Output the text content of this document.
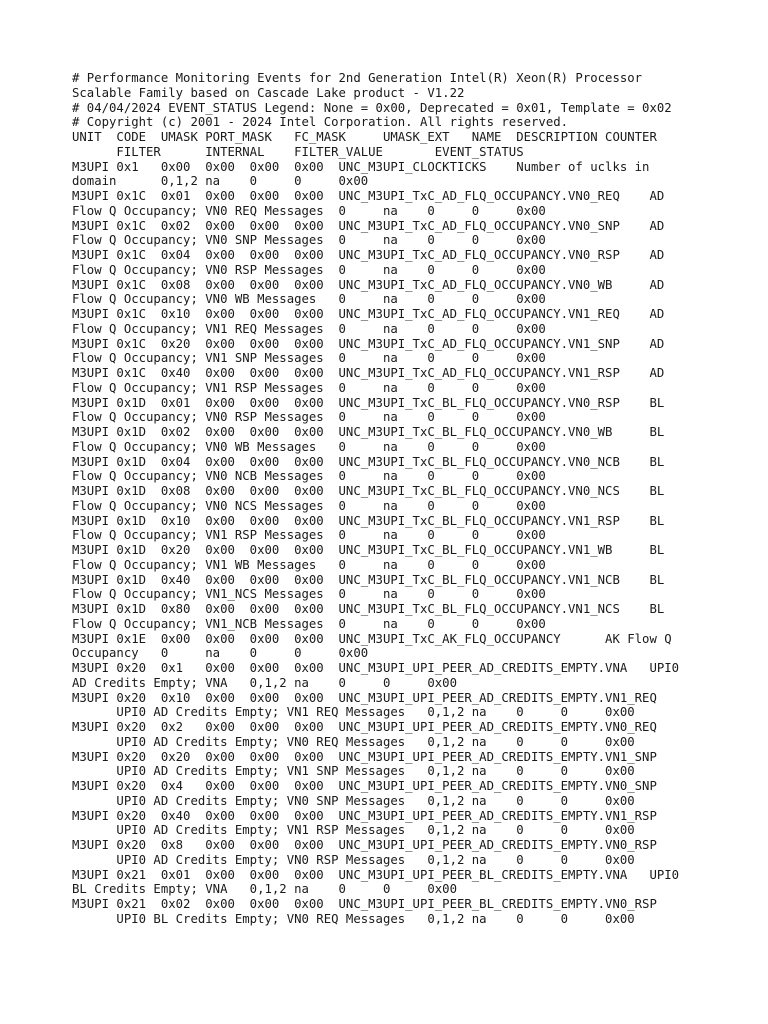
# Performance Monitoring Events for 2nd Generation Intel(R) Xeon(R) Processor
Scalable Family based on Cascade Lake product - V1.22
# 04/04/2024 EVENT_STATUS Legend: None = 0x00, Deprecated = 0x01, Template = 0x02
# Copyright (c) 2001 - 2024 Intel Corporation. All rights reserved.
UNIT  CODE  UMASK PORT_MASK   FC_MASK     UMASK_EXT   NAME  DESCRIPTION COUNTER
FILTER      INTERNAL    FILTER_VALUE       EVENT_STATUS
M3UPI 0x1   0x00  0x00  0x00  0x00  UNC_M3UPI_CLOCKTICKS    Number of uclks in
domain      0,1,2 na    0     0     0x00
M3UPI 0x1C  0x01  0x00  0x00  0x00  UNC_M3UPI_TxC_AD_FLQ_OCCUPANCY.VN0_REQ    AD
Flow Q Occupancy; VN0 REQ Messages  0     na    0     0     0x00
M3UPI 0x1C  0x02  0x00  0x00  0x00  UNC_M3UPI_TxC_AD_FLQ_OCCUPANCY.VN0_SNP    AD
Flow Q Occupancy; VN0 SNP Messages  0     na    0     0     0x00
M3UPI 0x1C  0x04  0x00  0x00  0x00  UNC_M3UPI_TxC_AD_FLQ_OCCUPANCY.VN0_RSP    AD
Flow Q Occupancy; VN0 RSP Messages  0     na    0     0     0x00
M3UPI 0x1C  0x08  0x00  0x00  0x00  UNC_M3UPI_TxC_AD_FLQ_OCCUPANCY.VN0_WB     AD
Flow Q Occupancy; VN0 WB Messages   0     na    0     0     0x00
M3UPI 0x1C  0x10  0x00  0x00  0x00  UNC_M3UPI_TxC_AD_FLQ_OCCUPANCY.VN1_REQ    AD
Flow Q Occupancy; VN1 REQ Messages  0     na    0     0     0x00
M3UPI 0x1C  0x20  0x00  0x00  0x00  UNC_M3UPI_TxC_AD_FLQ_OCCUPANCY.VN1_SNP    AD
Flow Q Occupancy; VN1 SNP Messages  0     na    0     0     0x00
M3UPI 0x1C  0x40  0x00  0x00  0x00  UNC_M3UPI_TxC_AD_FLQ_OCCUPANCY.VN1_RSP    AD
Flow Q Occupancy; VN1 RSP Messages  0     na    0     0     0x00
M3UPI 0x1D  0x01  0x00  0x00  0x00  UNC_M3UPI_TxC_BL_FLQ_OCCUPANCY.VN0_RSP    BL
Flow Q Occupancy; VN0 RSP Messages  0     na    0     0     0x00
M3UPI 0x1D  0x02  0x00  0x00  0x00  UNC_M3UPI_TxC_BL_FLQ_OCCUPANCY.VN0_WB     BL
Flow Q Occupancy; VN0 WB Messages   0     na    0     0     0x00
M3UPI 0x1D  0x04  0x00  0x00  0x00  UNC_M3UPI_TxC_BL_FLQ_OCCUPANCY.VN0_NCB    BL
Flow Q Occupancy; VN0 NCB Messages  0     na    0     0     0x00
M3UPI 0x1D  0x08  0x00  0x00  0x00  UNC_M3UPI_TxC_BL_FLQ_OCCUPANCY.VN0_NCS    BL
Flow Q Occupancy; VN0 NCS Messages  0     na    0     0     0x00
M3UPI 0x1D  0x10  0x00  0x00  0x00  UNC_M3UPI_TxC_BL_FLQ_OCCUPANCY.VN1_RSP    BL
Flow Q Occupancy; VN1 RSP Messages  0     na    0     0     0x00
M3UPI 0x1D  0x20  0x00  0x00  0x00  UNC_M3UPI_TxC_BL_FLQ_OCCUPANCY.VN1_WB     BL
Flow Q Occupancy; VN1 WB Messages   0     na    0     0     0x00
M3UPI 0x1D  0x40  0x00  0x00  0x00  UNC_M3UPI_TxC_BL_FLQ_OCCUPANCY.VN1_NCB    BL
Flow Q Occupancy; VN1_NCS Messages  0     na    0     0     0x00
M3UPI 0x1D  0x80  0x00  0x00  0x00  UNC_M3UPI_TxC_BL_FLQ_OCCUPANCY.VN1_NCS    BL
Flow Q Occupancy; VN1_NCB Messages  0     na    0     0     0x00
M3UPI 0x1E  0x00  0x00  0x00  0x00  UNC_M3UPI_TxC_AK_FLQ_OCCUPANCY      AK Flow Q
Occupancy   0     na    0     0     0x00
M3UPI 0x20  0x1   0x00  0x00  0x00  UNC_M3UPI_UPI_PEER_AD_CREDITS_EMPTY.VNA   UPI0
AD Credits Empty; VNA   0,1,2 na    0     0     0x00
M3UPI 0x20  0x10  0x00  0x00  0x00  UNC_M3UPI_UPI_PEER_AD_CREDITS_EMPTY.VN1_REQ
UPI0 AD Credits Empty; VN1 REQ Messages   0,1,2 na    0     0     0x00
M3UPI 0x20  0x2   0x00  0x00  0x00  UNC_M3UPI_UPI_PEER_AD_CREDITS_EMPTY.VN0_REQ
UPI0 AD Credits Empty; VN0 REQ Messages   0,1,2 na    0     0     0x00
M3UPI 0x20  0x20  0x00  0x00  0x00  UNC_M3UPI_UPI_PEER_AD_CREDITS_EMPTY.VN1_SNP
UPI0 AD Credits Empty; VN1 SNP Messages   0,1,2 na    0     0     0x00
M3UPI 0x20  0x4   0x00  0x00  0x00  UNC_M3UPI_UPI_PEER_AD_CREDITS_EMPTY.VN0_SNP
UPI0 AD Credits Empty; VN0 SNP Messages   0,1,2 na    0     0     0x00
M3UPI 0x20  0x40  0x00  0x00  0x00  UNC_M3UPI_UPI_PEER_AD_CREDITS_EMPTY.VN1_RSP
UPI0 AD Credits Empty; VN1 RSP Messages   0,1,2 na    0     0     0x00
M3UPI 0x20  0x8   0x00  0x00  0x00  UNC_M3UPI_UPI_PEER_AD_CREDITS_EMPTY.VN0_RSP
UPI0 AD Credits Empty; VN0 RSP Messages   0,1,2 na    0     0     0x00
M3UPI 0x21  0x01  0x00  0x00  0x00  UNC_M3UPI_UPI_PEER_BL_CREDITS_EMPTY.VNA   UPI0
BL Credits Empty; VNA   0,1,2 na    0     0     0x00
M3UPI 0x21  0x02  0x00  0x00  0x00  UNC_M3UPI_UPI_PEER_BL_CREDITS_EMPTY.VN0_RSP
UPI0 BL Credits Empty; VN0 REQ Messages   0,1,2 na    0     0     0x00
